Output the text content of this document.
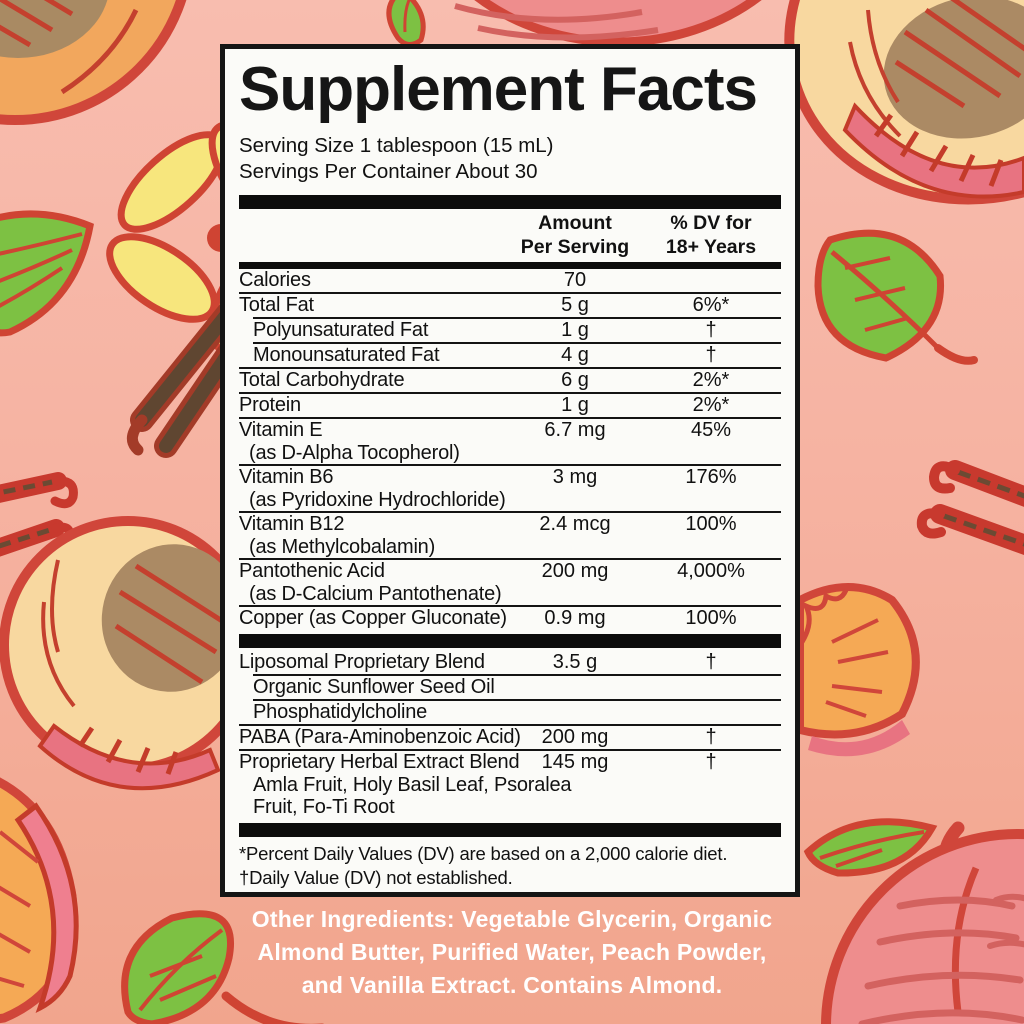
Supplement Facts
Serving Size 1 tablespoon (15 mL)
Servings Per Container About 30
Amount
Per Serving
% DV for
18+ Years
Calories	70
Total Fat	5 g	6%*
Polyunsaturated Fat	1 g	†
Monounsaturated Fat	4 g	†
Total Carbohydrate	6 g	2%*
Protein	1 g	2%*
Vitamin E	6.7 mg	45%
(as D-Alpha Tocopherol)
Vitamin B6	3 mg	176%
(as Pyridoxine Hydrochloride)
Vitamin B12	2.4 mcg	100%
(as Methylcobalamin)
Pantothenic Acid	200 mg	4,000%
(as D-Calcium Pantothenate)
Copper (as Copper Gluconate)	0.9 mg	100%
Liposomal Proprietary Blend	3.5 g	†
Organic Sunflower Seed Oil
Phosphatidylcholine
PABA (Para-Aminobenzoic Acid)	200 mg	†
Proprietary Herbal Extract Blend	145 mg	†
Amla Fruit, Holy Basil Leaf, Psoralea
Fruit, Fo-Ti Root
*Percent Daily Values (DV) are based on a 2,000 calorie diet.
†Daily Value (DV) not established.
Other Ingredients: Vegetable Glycerin, Organic
Almond Butter, Purified Water, Peach Powder,
and Vanilla Extract. Contains Almond.
